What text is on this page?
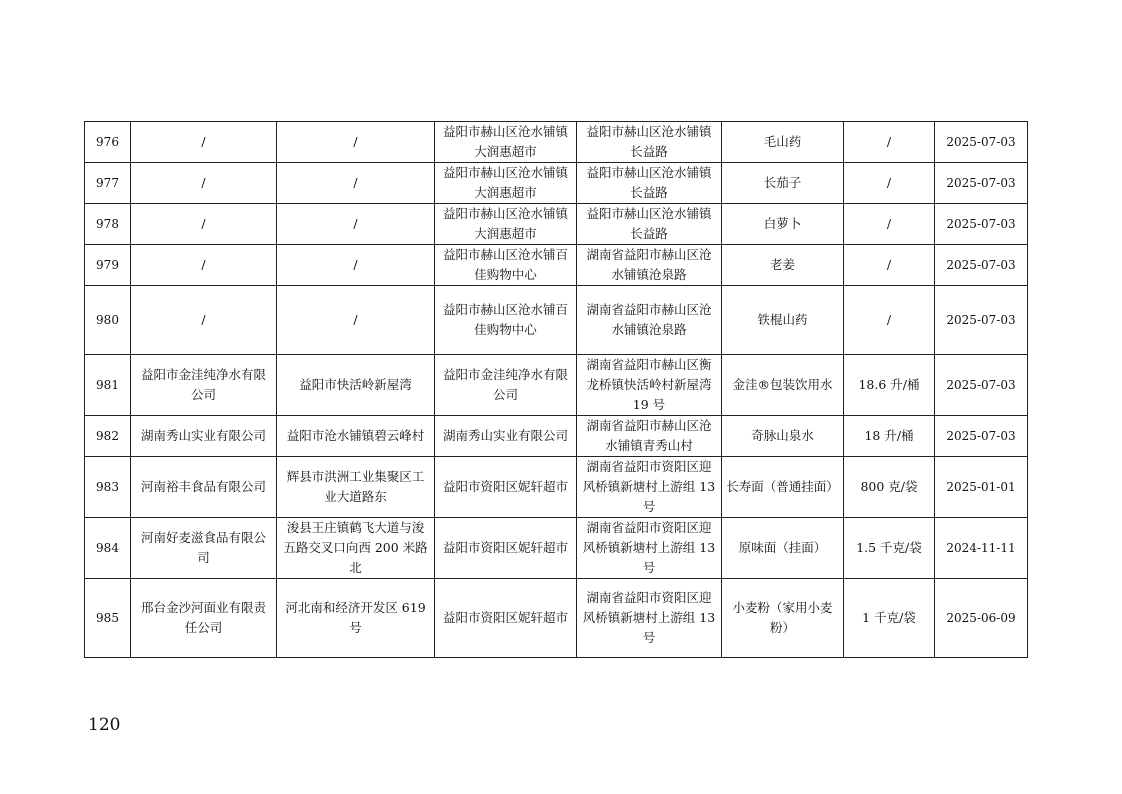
976	/	/	益阳市赫山区沧水铺镇大润惠超市	益阳市赫山区沧水铺镇长益路	毛山药	/	2025-07-03
977	/	/	益阳市赫山区沧水铺镇大润惠超市	益阳市赫山区沧水铺镇长益路	长茄子	/	2025-07-03
978	/	/	益阳市赫山区沧水铺镇大润惠超市	益阳市赫山区沧水铺镇长益路	白萝卜	/	2025-07-03
979	/	/	益阳市赫山区沧水铺百佳购物中心	湖南省益阳市赫山区沧水铺镇沧泉路	老姜	/	2025-07-03
980	/	/	益阳市赫山区沧水铺百佳购物中心	湖南省益阳市赫山区沧水铺镇沧泉路	铁棍山药	/	2025-07-03
981	益阳市金洼纯净水有限公司	益阳市快活岭新屋湾	益阳市金洼纯净水有限公司	湖南省益阳市赫山区衡龙桥镇快活岭村新屋湾 19 号	金洼®包装饮用水	18.6 升/桶	2025-07-03
982	湖南秀山实业有限公司	益阳市沧水铺镇碧云峰村	湖南秀山实业有限公司	湖南省益阳市赫山区沧水铺镇青秀山村	奇脉山泉水	18 升/桶	2025-07-03
983	河南裕丰食品有限公司	辉县市洪洲工业集聚区工业大道路东	益阳市资阳区妮轩超市	湖南省益阳市资阳区迎风桥镇新塘村上游组 13 号	长寿面（普通挂面）	800 克/袋	2025-01-01
984	河南好麦滋食品有限公司	浚县王庄镇鹤飞大道与浚五路交叉口向西 200 米路北	益阳市资阳区妮轩超市	湖南省益阳市资阳区迎风桥镇新塘村上游组 13 号	原味面（挂面）	1.5 千克/袋	2024-11-11
985	邢台金沙河面业有限责任公司	河北南和经济开发区 619 号	益阳市资阳区妮轩超市	湖南省益阳市资阳区迎风桥镇新塘村上游组 13 号	小麦粉（家用小麦粉）	1 千克/袋	2025-06-09
120
